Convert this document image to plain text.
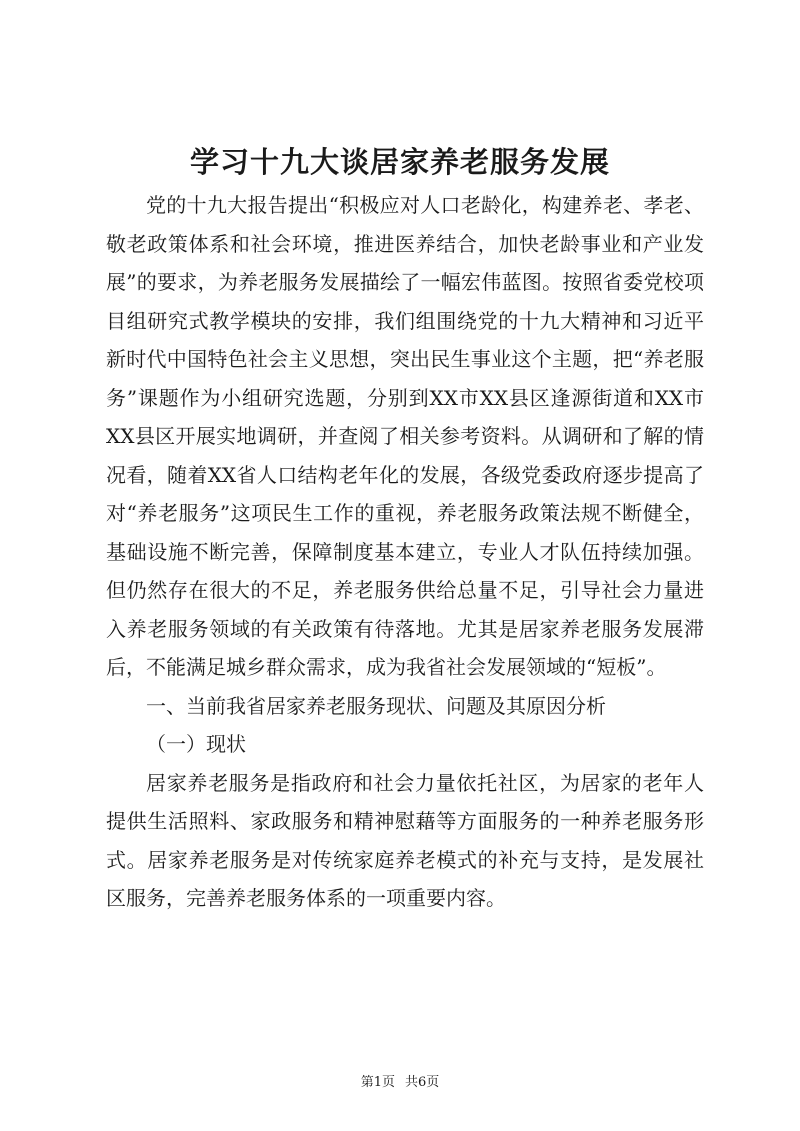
学习十九大谈居家养老服务发展

党的十九大报告提出“积极应对人口老龄化，构建养老、孝老、敬老政策体系和社会环境，推进医养结合，加快老龄事业和产业发展”的要求，为养老服务发展描绘了一幅宏伟蓝图。按照省委党校项目组研究式教学模块的安排，我们组围绕党的十九大精神和习近平新时代中国特色社会主义思想，突出民生事业这个主题，把“养老服务”课题作为小组研究选题，分别到XX市XX县区逢源街道和XX市XX县区开展实地调研，并查阅了相关参考资料。从调研和了解的情况看，随着XX省人口结构老年化的发展，各级党委政府逐步提高了对“养老服务”这项民生工作的重视，养老服务政策法规不断健全，基础设施不断完善，保障制度基本建立，专业人才队伍持续加强。但仍然存在很大的不足，养老服务供给总量不足，引导社会力量进入养老服务领域的有关政策有待落地。尤其是居家养老服务发展滞后，不能满足城乡群众需求，成为我省社会发展领域的“短板”。

一、当前我省居家养老服务现状、问题及其原因分析

（一）现状

居家养老服务是指政府和社会力量依托社区，为居家的老年人提供生活照料、家政服务和精神慰藉等方面服务的一种养老服务形式。居家养老服务是对传统家庭养老模式的补充与支持，是发展社区服务，完善养老服务体系的一项重要内容。

第1页 共6页
